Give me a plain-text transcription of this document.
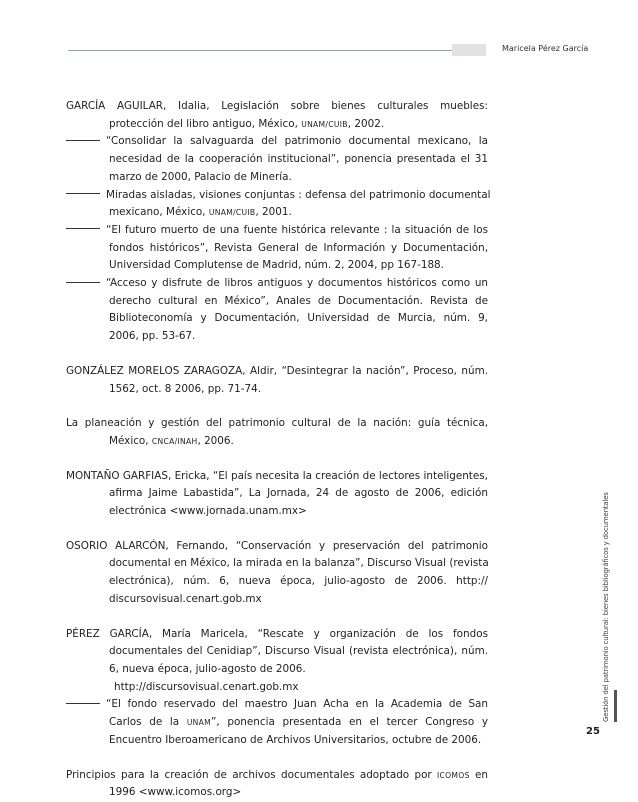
Maricela Pérez García
Gestión del patrimonio cultural: bienes bibliográficos y documentales
25
GARCÍA AGUILAR, Idalia, Legislación sobre bienes culturales muebles:
protección del libro antiguo, México, UNAM/CUIB, 2002.
“Consolidar la salvaguarda del patrimonio documental mexicano, la
necesidad de la cooperación institucional”, ponencia presentada el 31
marzo de 2000, Palacio de Minería.
Miradas aisladas, visiones conjuntas : defensa del patrimonio documental
mexicano, México, UNAM/CUIB, 2001.
“El futuro muerto de una fuente histórica relevante : la situación de los
fondos históricos”, Revista General de Información y Documentación,
Universidad Complutense de Madrid, núm. 2, 2004, pp 167-188.
“Acceso y disfrute de libros antiguos y documentos históricos como un
derecho cultural en México”, Anales de Documentación. Revista de
Biblioteconomía y Documentación, Universidad de Murcia, núm. 9,
2006, pp. 53-67.
GONZÁLEZ MORELOS ZARAGOZA, Aldir, “Desintegrar la nación”, Proceso, núm.
1562, oct. 8 2006, pp. 71-74.
La planeación y gestión del patrimonio cultural de la nación: guía técnica,
México, CNCA/INAH, 2006.
MONTAÑO GARFIAS, Ericka, “El país necesita la creación de lectores inteligentes,
afirma Jaime Labastida”, La Jornada, 24 de agosto de 2006, edición
electrónica <www.jornada.unam.mx>
OSORIO ALARCÓN, Fernando, “Conservación y preservación del patrimonio
documental en México, la mirada en la balanza”, Discurso Visual (revista
electrónica), núm. 6, nueva época, julio-agosto de 2006. http://
discursovisual.cenart.gob.mx
PÉREZ GARCÍA, María Maricela, “Rescate y organización de los fondos
documentales del Cenidiap”, Discurso Visual (revista electrónica), núm.
6, nueva época, julio-agosto de 2006.
http://discursovisual.cenart.gob.mx
“El fondo reservado del maestro Juan Acha en la Academia de San
Carlos de la UNAM”, ponencia presentada en el tercer Congreso y
Encuentro Iberoamericano de Archivos Universitarios, octubre de 2006.
Principios para la creación de archivos documentales adoptado por ICOMOS en
1996 <www.icomos.org>
